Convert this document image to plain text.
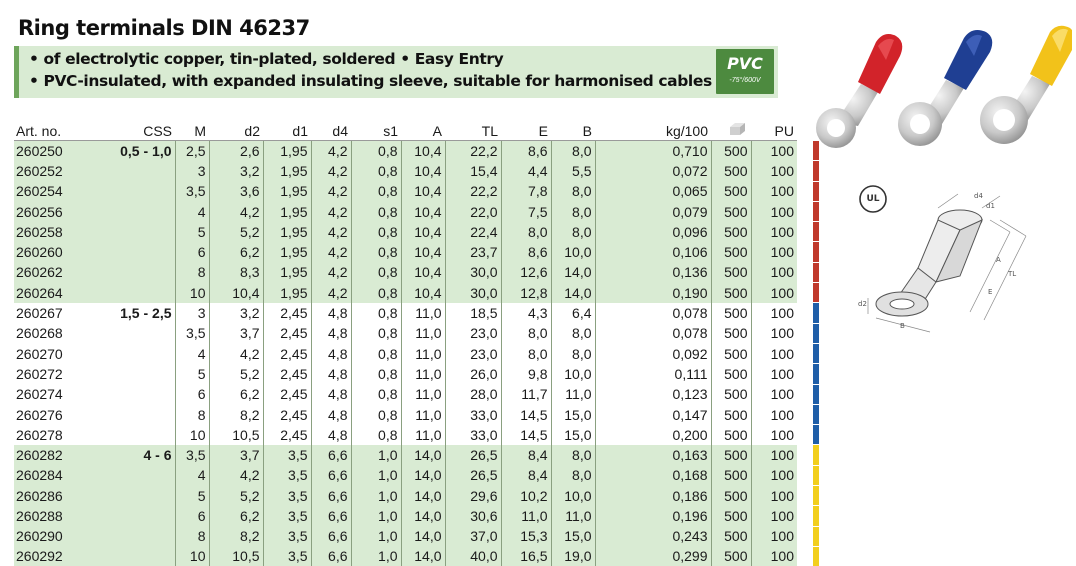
Ring terminals DIN 46237
• of electrolytic copper, tin-plated, soldered • Easy Entry
• PVC-insulated, with expanded insulating sleeve, suitable for harmonised cables
PVC
-75°/600V
Art. no.	CSS	M	d2	d1	d4	s1	A	TL	E	B	kg/100		PU		
260250	0,5 - 1,0	2,5	2,6	1,95	4,2	0,8	10,4	22,2	8,6	8,0	0,710	500	100		
260252		3	3,2	1,95	4,2	0,8	10,4	15,4	4,4	5,5	0,072	500	100		
260254		3,5	3,6	1,95	4,2	0,8	10,4	22,2	7,8	8,0	0,065	500	100		
260256		4	4,2	1,95	4,2	0,8	10,4	22,0	7,5	8,0	0,079	500	100		
260258		5	5,2	1,95	4,2	0,8	10,4	22,4	8,0	8,0	0,096	500	100		
260260		6	6,2	1,95	4,2	0,8	10,4	23,7	8,6	10,0	0,106	500	100		
260262		8	8,3	1,95	4,2	0,8	10,4	30,0	12,6	14,0	0,136	500	100		
260264		10	10,4	1,95	4,2	0,8	10,4	30,0	12,8	14,0	0,190	500	100		
260267	1,5 - 2,5	3	3,2	2,45	4,8	0,8	11,0	18,5	4,3	6,4	0,078	500	100		
260268		3,5	3,7	2,45	4,8	0,8	11,0	23,0	8,0	8,0	0,078	500	100		
260270		4	4,2	2,45	4,8	0,8	11,0	23,0	8,0	8,0	0,092	500	100		
260272		5	5,2	2,45	4,8	0,8	11,0	26,0	9,8	10,0	0,111	500	100		
260274		6	6,2	2,45	4,8	0,8	11,0	28,0	11,7	11,0	0,123	500	100		
260276		8	8,2	2,45	4,8	0,8	11,0	33,0	14,5	15,0	0,147	500	100		
260278		10	10,5	2,45	4,8	0,8	11,0	33,0	14,5	15,0	0,200	500	100		
260282	4 - 6	3,5	3,7	3,5	6,6	1,0	14,0	26,5	8,4	8,0	0,163	500	100		
260284		4	4,2	3,5	6,6	1,0	14,0	26,5	8,4	8,0	0,168	500	100		
260286		5	5,2	3,5	6,6	1,0	14,0	29,6	10,2	10,0	0,186	500	100		
260288		6	6,2	3,5	6,6	1,0	14,0	30,6	11,0	11,0	0,196	500	100		
260290		8	8,2	3,5	6,6	1,0	14,0	37,0	15,3	15,0	0,243	500	100		
260292		10	10,5	3,5	6,6	1,0	14,0	40,0	16,5	19,0	0,299	500	100		
UL	d4
d1
A
TL
E
d2
B
